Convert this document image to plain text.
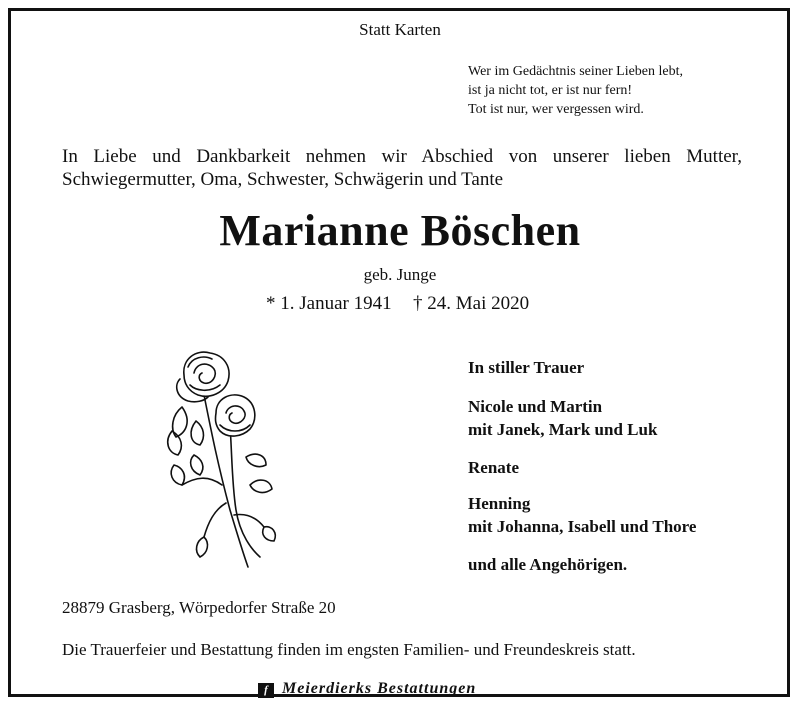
Statt Karten
Wer im Gedächtnis seiner Lieben lebt,
ist ja nicht tot, er ist nur fern!
Tot ist nur, wer vergessen wird.
In Liebe und Dankbarkeit nehmen wir Abschied von unserer lieben Mutter,
Schwiegermutter, Oma, Schwester, Schwägerin und Tante
Marianne Böschen
geb. Junge
* 1. Januar 1941 † 24. Mai 2020
In stiller Trauer
Nicole und Martin
mit Janek, Mark und Luk
Renate
Henning
mit Johanna, Isabell und Thore
und alle Angehörigen.
28879 Grasberg, Wörpedorfer Straße 20
Die Trauerfeier und Bestattung finden im engsten Familien- und Freundeskreis statt.
f Meierdierks Bestattungen
